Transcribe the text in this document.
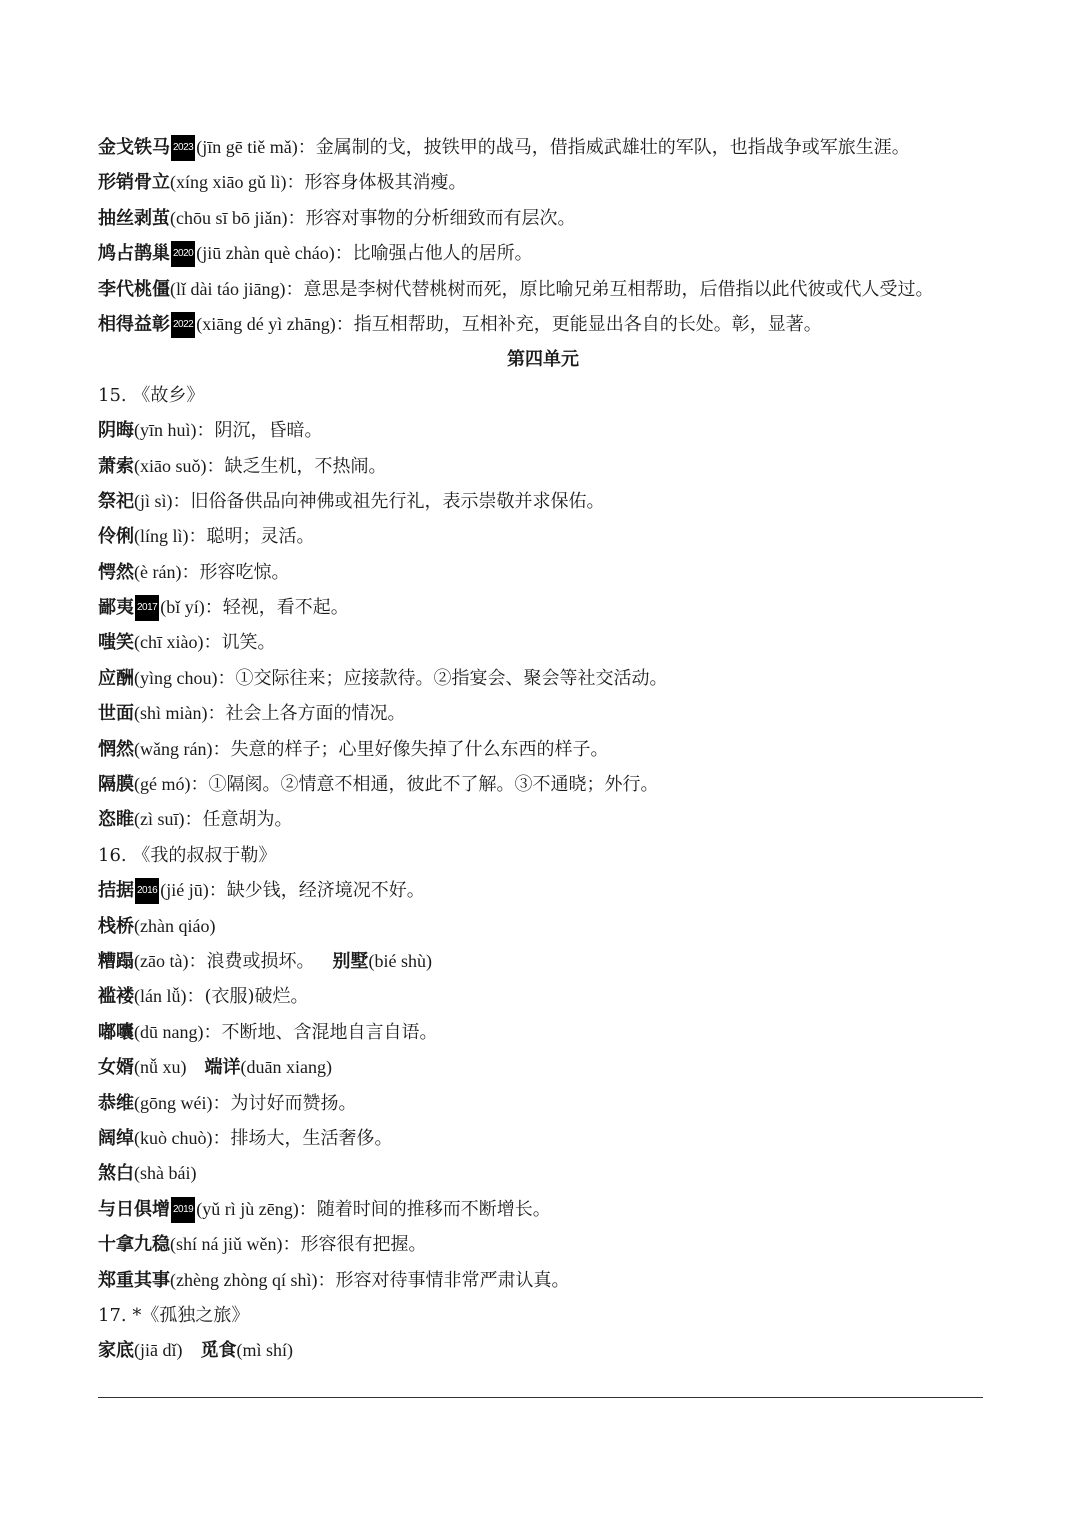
金戈铁马 2023 (jīn gē tiě mǎ)：金属制的戈，披铁甲的战马，借指威武雄壮的军队，也指战争或军旅生涯。
形销骨立(xíng xiāo gǔ lì)：形容身体极其消瘦。
抽丝剥茧(chōu sī bō jiǎn)：形容对事物的分析细致而有层次。
鸠占鹊巢 2020 (jiū zhàn què cháo)：比喻强占他人的居所。
李代桃僵(lǐ dài táo jiāng)：意思是李树代替桃树而死，原比喻兄弟互相帮助，后借指以此代彼或代人受过。
相得益彰 2022 (xiāng dé yì zhāng)：指互相帮助，互相补充，更能显出各自的长处。彰，显著。
第四单元
15. 《故乡》
阴晦(yīn huì)：阴沉，昏暗。
萧索(xiāo suǒ)：缺乏生机，不热闹。
祭祀(jì sì)：旧俗备供品向神佛或祖先行礼，表示崇敬并求保佑。
伶俐(líng lì)：聪明；灵活。
愕然(è rán)：形容吃惊。
鄙夷 2017 (bǐ yí)：轻视，看不起。
嗤笑(chī xiào)：讥笑。
应酬(yìng chou)：①交际往来；应接款待。②指宴会、聚会等社交活动。
世面(shì miàn)：社会上各方面的情况。
惘然(wǎng rán)：失意的样子；心里好像失掉了什么东西的样子。
隔膜(gé mó)：①隔阂。②情意不相通，彼此不了解。③不通晓；外行。
恣睢(zì suī)：任意胡为。
16. 《我的叔叔于勒》
拮据 2016 (jié jū)：缺少钱，经济境况不好。
栈桥(zhàn qiáo)
糟蹋(zāo tà)：浪费或损坏。 别墅(bié shù)
褴褛(lán lǚ)：(衣服)破烂。
嘟囔(dū nang)：不断地、含混地自言自语。
女婿(nǚ xu) 端详(duān xiang)
恭维(gōng wéi)：为讨好而赞扬。
阔绰(kuò chuò)：排场大，生活奢侈。
煞白(shà bái)
与日俱增 2019 (yǔ rì jù zēng)：随着时间的推移而不断增长。
十拿九稳(shí ná jiǔ wěn)：形容很有把握。
郑重其事(zhèng zhòng qí shì)：形容对待事情非常严肃认真。
17. *《孤独之旅》
家底(jiā dǐ) 觅食(mì shí)
